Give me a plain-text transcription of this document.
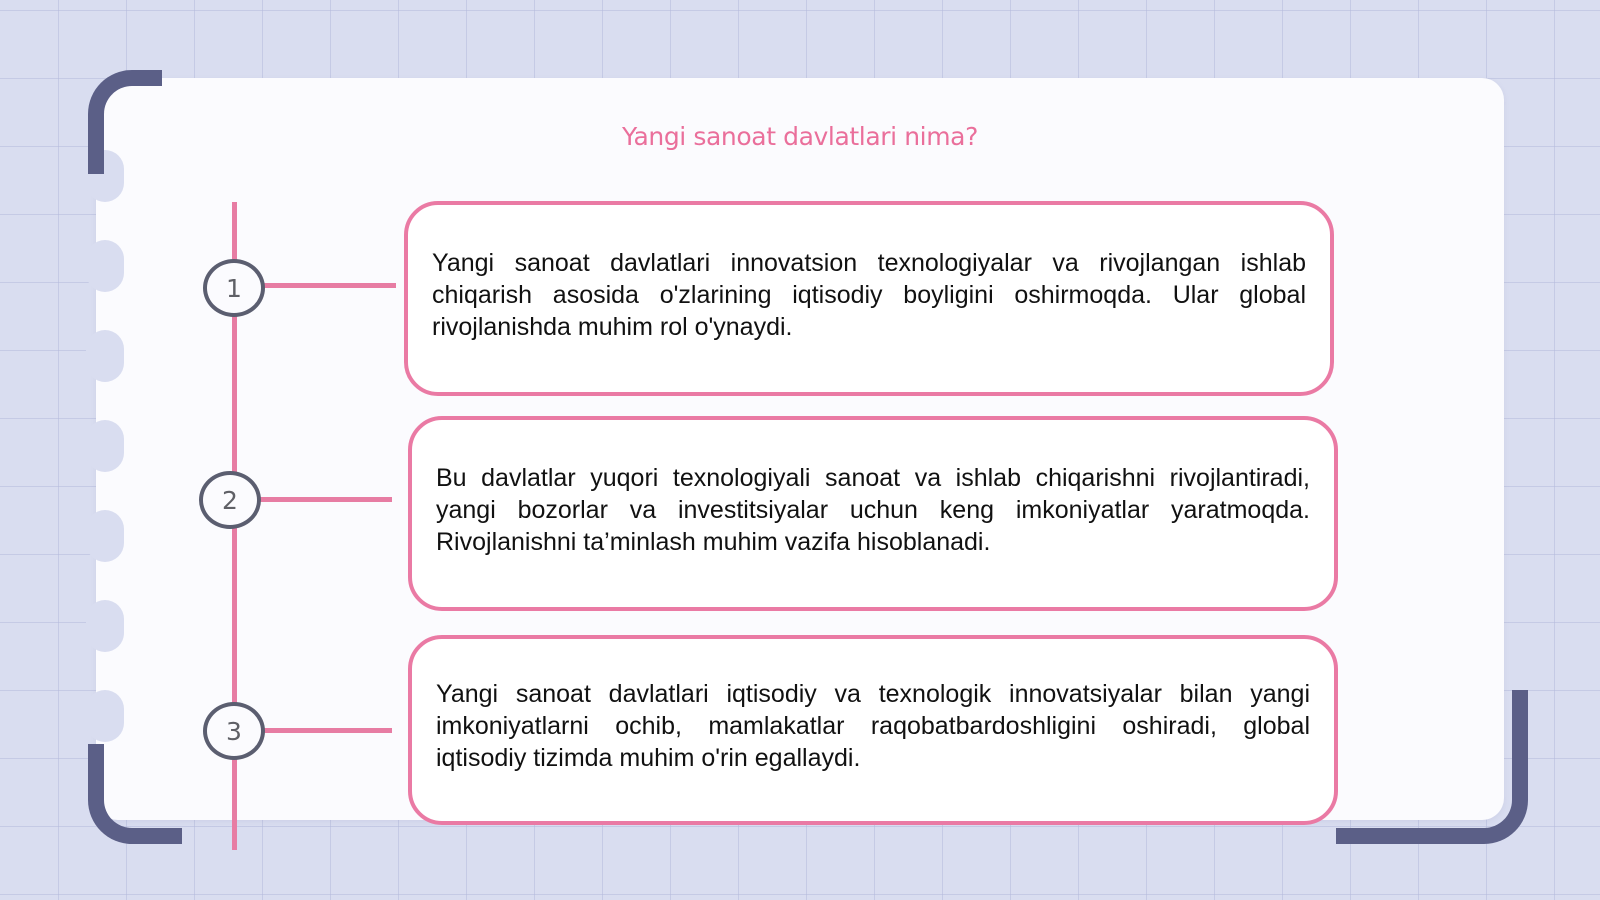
Yangi sanoat davlatlari nima?
1
2
3

Yangi sanoat davlatlari innovatsion texnologiyalar va rivojlangan ishlab chiqarish asosida o'zlarining iqtisodiy boyligini oshirmoqda. Ular global rivojlanishda muhim rol o'ynaydi.

Bu davlatlar yuqori texnologiyali sanoat va ishlab chiqarishni rivojlantiradi, yangi bozorlar va investitsiyalar uchun keng imkoniyatlar yaratmoqda. Rivojlanishni ta’minlash muhim vazifa hisoblanadi.

Yangi sanoat davlatlari iqtisodiy va texnologik innovatsiyalar bilan yangi imkoniyatlarni ochib, mamlakatlar raqobatbardoshligini oshiradi, global iqtisodiy tizimda muhim o'rin egallaydi.
